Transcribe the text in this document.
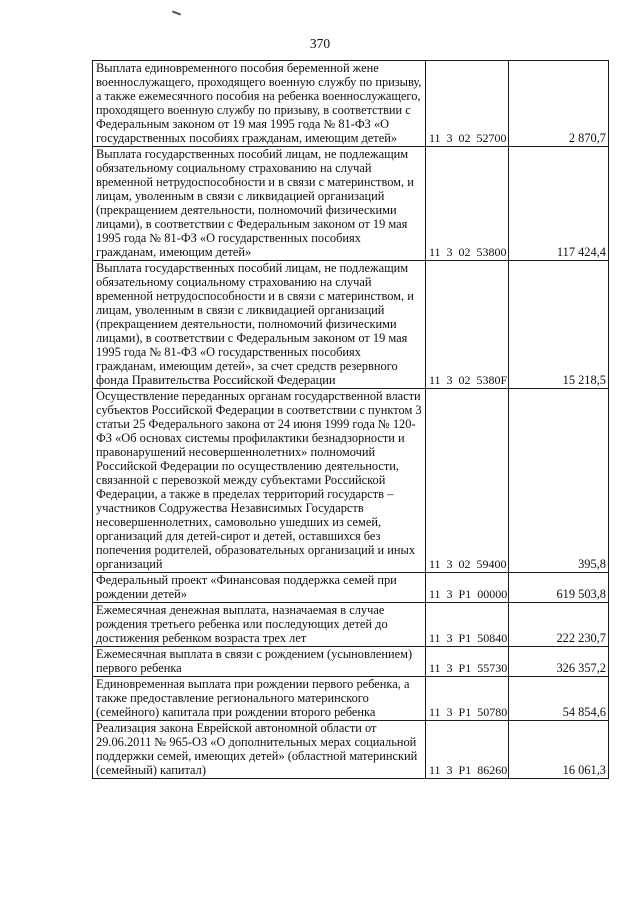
370
Выплата единовременного пособия беременной жене военнослужащего, проходящего военную службу по призыву, а также ежемесячного пособия на ребенка военнослужащего, проходящего военную службу по призыву, в соответствии с Федеральным законом от 19 мая 1995 года № 81-ФЗ «О государственных пособиях гражданам, имеющим детей»	11 3 02 52700	2 870,7
Выплата государственных пособий лицам, не подлежащим обязательному социальному страхованию на случай временной нетрудоспособности и в связи с материнством, и лицам, уволенным в связи с ликвидацией организаций (прекращением деятельности, полномочий физическими лицами), в соответствии с Федеральным законом от 19 мая 1995 года № 81-ФЗ «О государственных пособиях гражданам, имеющим детей»	11 3 02 53800	117 424,4
Выплата государственных пособий лицам, не подлежащим обязательному социальному страхованию на случай временной нетрудоспособности и в связи с материнством, и лицам, уволенным в связи с ликвидацией организаций (прекращением деятельности, полномочий физическими лицами), в соответствии с Федеральным законом от 19 мая 1995 года № 81-ФЗ «О государственных пособиях гражданам, имеющим детей», за счет средств резервного фонда Правительства Российской Федерации	11 3 02 5380F	15 218,5
Осуществление переданных органам государственной власти субъектов Российской Федерации в соответствии с пунктом 3 статьи 25 Федерального закона от 24 июня 1999 года № 120-ФЗ «Об основах системы профилактики безнадзорности и правонарушений несовершеннолетних» полномочий Российской Федерации по осуществлению деятельности, связанной с перевозкой между субъектами Российской Федерации, а также в пределах территорий государств – участников Содружества Независимых Государств несовершеннолетних, самовольно ушедших из семей, организаций для детей-сирот и детей, оставшихся без попечения родителей, образовательных организаций и иных организаций	11 3 02 59400	395,8
Федеральный проект «Финансовая поддержка семей при рождении детей»	11 3 P1 00000	619 503,8
Ежемесячная денежная выплата, назначаемая в случае рождения третьего ребенка или последующих детей до достижения ребенком возраста трех лет	11 3 P1 50840	222 230,7
Ежемесячная выплата в связи с рождением (усыновлением) первого ребенка	11 3 P1 55730	326 357,2
Единовременная выплата при рождении первого ребенка, а также предоставление регионального материнского (семейного) капитала при рождении второго ребенка	11 3 P1 50780	54 854,6
Реализация закона Еврейской автономной области от 29.06.2011 № 965-ОЗ «О дополнительных мерах социальной поддержки семей, имеющих детей» (областной материнский (семейный) капитал)	11 3 P1 86260	16 061,3
